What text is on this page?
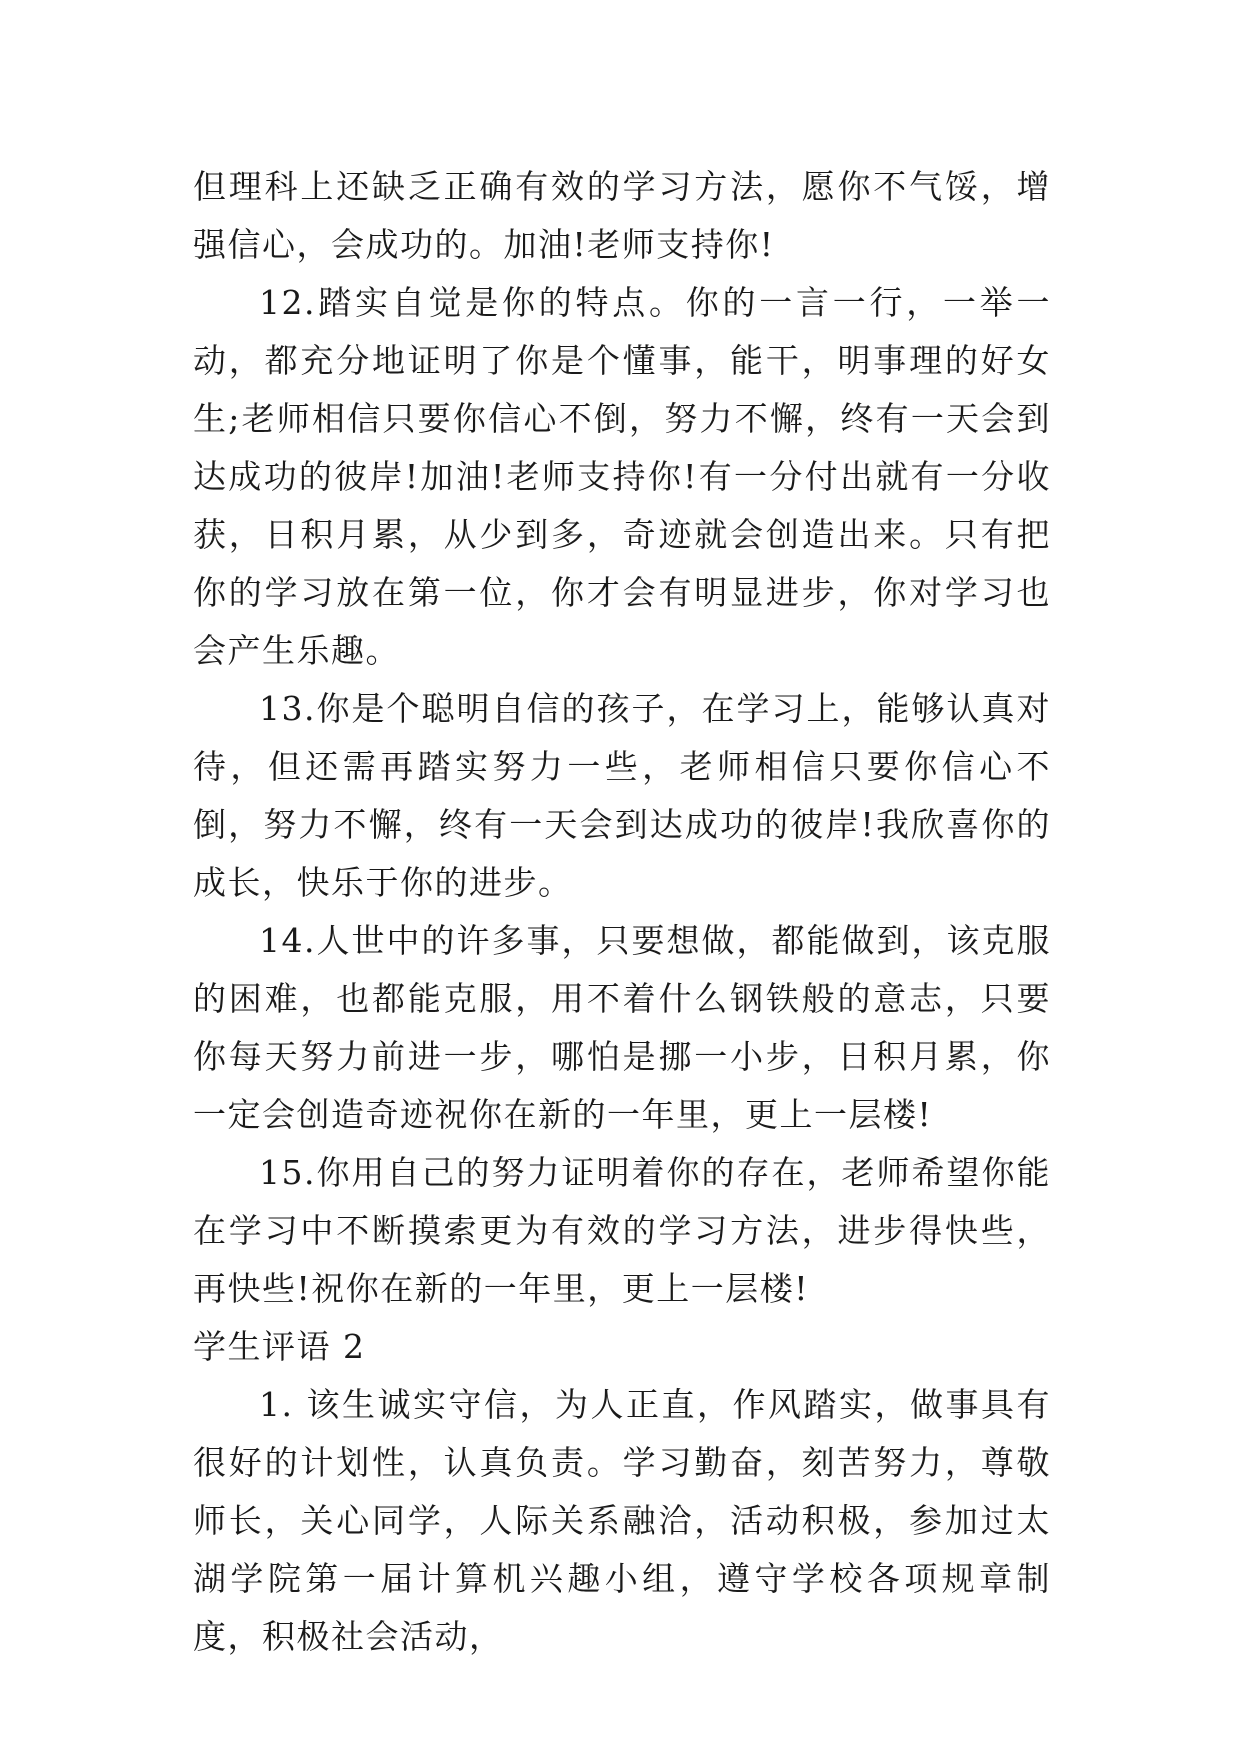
但理科上还缺乏正确有效的学习方法，愿你不气馁，增强信心，会成功的。加油!老师支持你!

12.踏实自觉是你的特点。你的一言一行，一举一动，都充分地证明了你是个懂事，能干，明事理的好女生;老师相信只要你信心不倒，努力不懈，终有一天会到达成功的彼岸!加油!老师支持你!有一分付出就有一分收获，日积月累，从少到多，奇迹就会创造出来。只有把你的学习放在第一位，你才会有明显进步，你对学习也会产生乐趣。

13.你是个聪明自信的孩子，在学习上，能够认真对待，但还需再踏实努力一些，老师相信只要你信心不倒，努力不懈，终有一天会到达成功的彼岸!我欣喜你的成长，快乐于你的进步。

14.人世中的许多事，只要想做，都能做到，该克服的困难，也都能克服，用不着什么钢铁般的意志，只要你每天努力前进一步，哪怕是挪一小步，日积月累，你一定会创造奇迹祝你在新的一年里，更上一层楼!

15.你用自己的努力证明着你的存在，老师希望你能在学习中不断摸索更为有效的学习方法，进步得快些，再快些!祝你在新的一年里，更上一层楼!

学生评语 2

1. 该生诚实守信，为人正直，作风踏实，做事具有很好的计划性，认真负责。学习勤奋，刻苦努力，尊敬师长，关心同学，人际关系融洽，活动积极，参加过太湖学院第一届计算机兴趣小组，遵守学校各项规章制度，积极社会活动，
